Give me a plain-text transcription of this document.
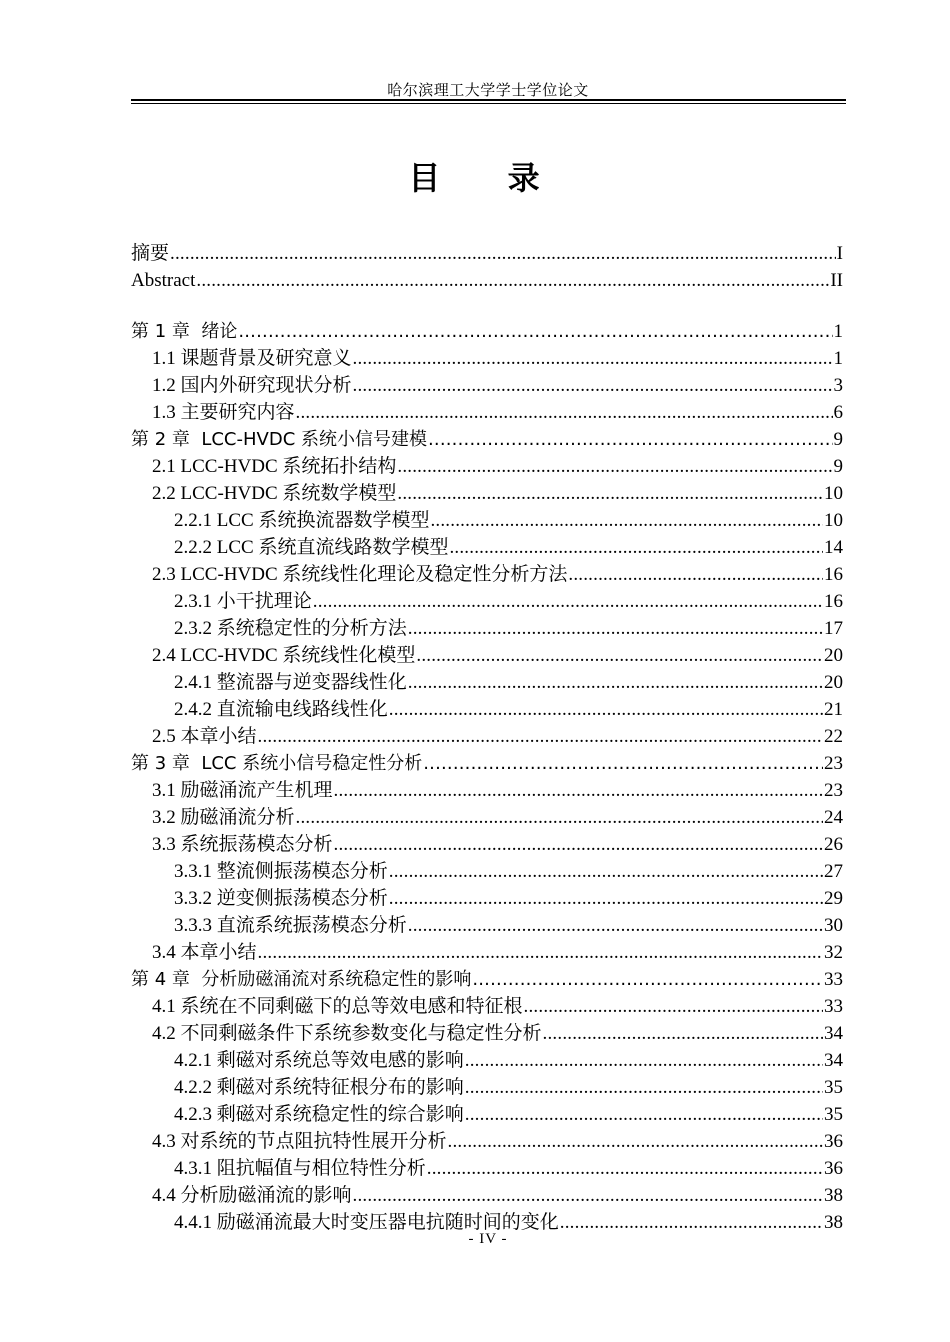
哈尔滨理工大学学士学位论文
目 录
摘要 .....	I
Abstract .....	II
第 1 章  绪论 .....	1
1.1 课题背景及研究意义 .....	1
1.2 国内外研究现状分析 .....	3
1.3 主要研究内容 .....	6
第 2 章  LCC-HVDC 系统小信号建模 .....	9
2.1 LCC-HVDC 系统拓扑结构 .....	9
2.2 LCC-HVDC 系统数学模型 .....	10
2.2.1 LCC 系统换流器数学模型 .....	10
2.2.2 LCC 系统直流线路数学模型 .....	14
2.3 LCC-HVDC 系统线性化理论及稳定性分析方法 .....	16
2.3.1 小干扰理论 .....	16
2.3.2 系统稳定性的分析方法 .....	17
2.4 LCC-HVDC 系统线性化模型 .....	20
2.4.1 整流器与逆变器线性化 .....	20
2.4.2 直流输电线路线性化 .....	21
2.5 本章小结 .....	22
第 3 章  LCC 系统小信号稳定性分析 .....	23
3.1 励磁涌流产生机理 .....	23
3.2 励磁涌流分析 .....	24
3.3 系统振荡模态分析 .....	26
3.3.1 整流侧振荡模态分析 .....	27
3.3.2 逆变侧振荡模态分析 .....	29
3.3.3 直流系统振荡模态分析 .....	30
3.4 本章小结 .....	32
第 4 章  分析励磁涌流对系统稳定性的影响 .....	33
4.1 系统在不同剩磁下的总等效电感和特征根 .....	33
4.2 不同剩磁条件下系统参数变化与稳定性分析 .....	34
4.2.1 剩磁对系统总等效电感的影响 .....	34
4.2.2 剩磁对系统特征根分布的影响 .....	35
4.2.3 剩磁对系统稳定性的综合影响 .....	35
4.3 对系统的节点阻抗特性展开分析 .....	36
4.3.1 阻抗幅值与相位特性分析 .....	36
4.4 分析励磁涌流的影响 .....	38
4.4.1 励磁涌流最大时变压器电抗随时间的变化 .....	38
- IV -
